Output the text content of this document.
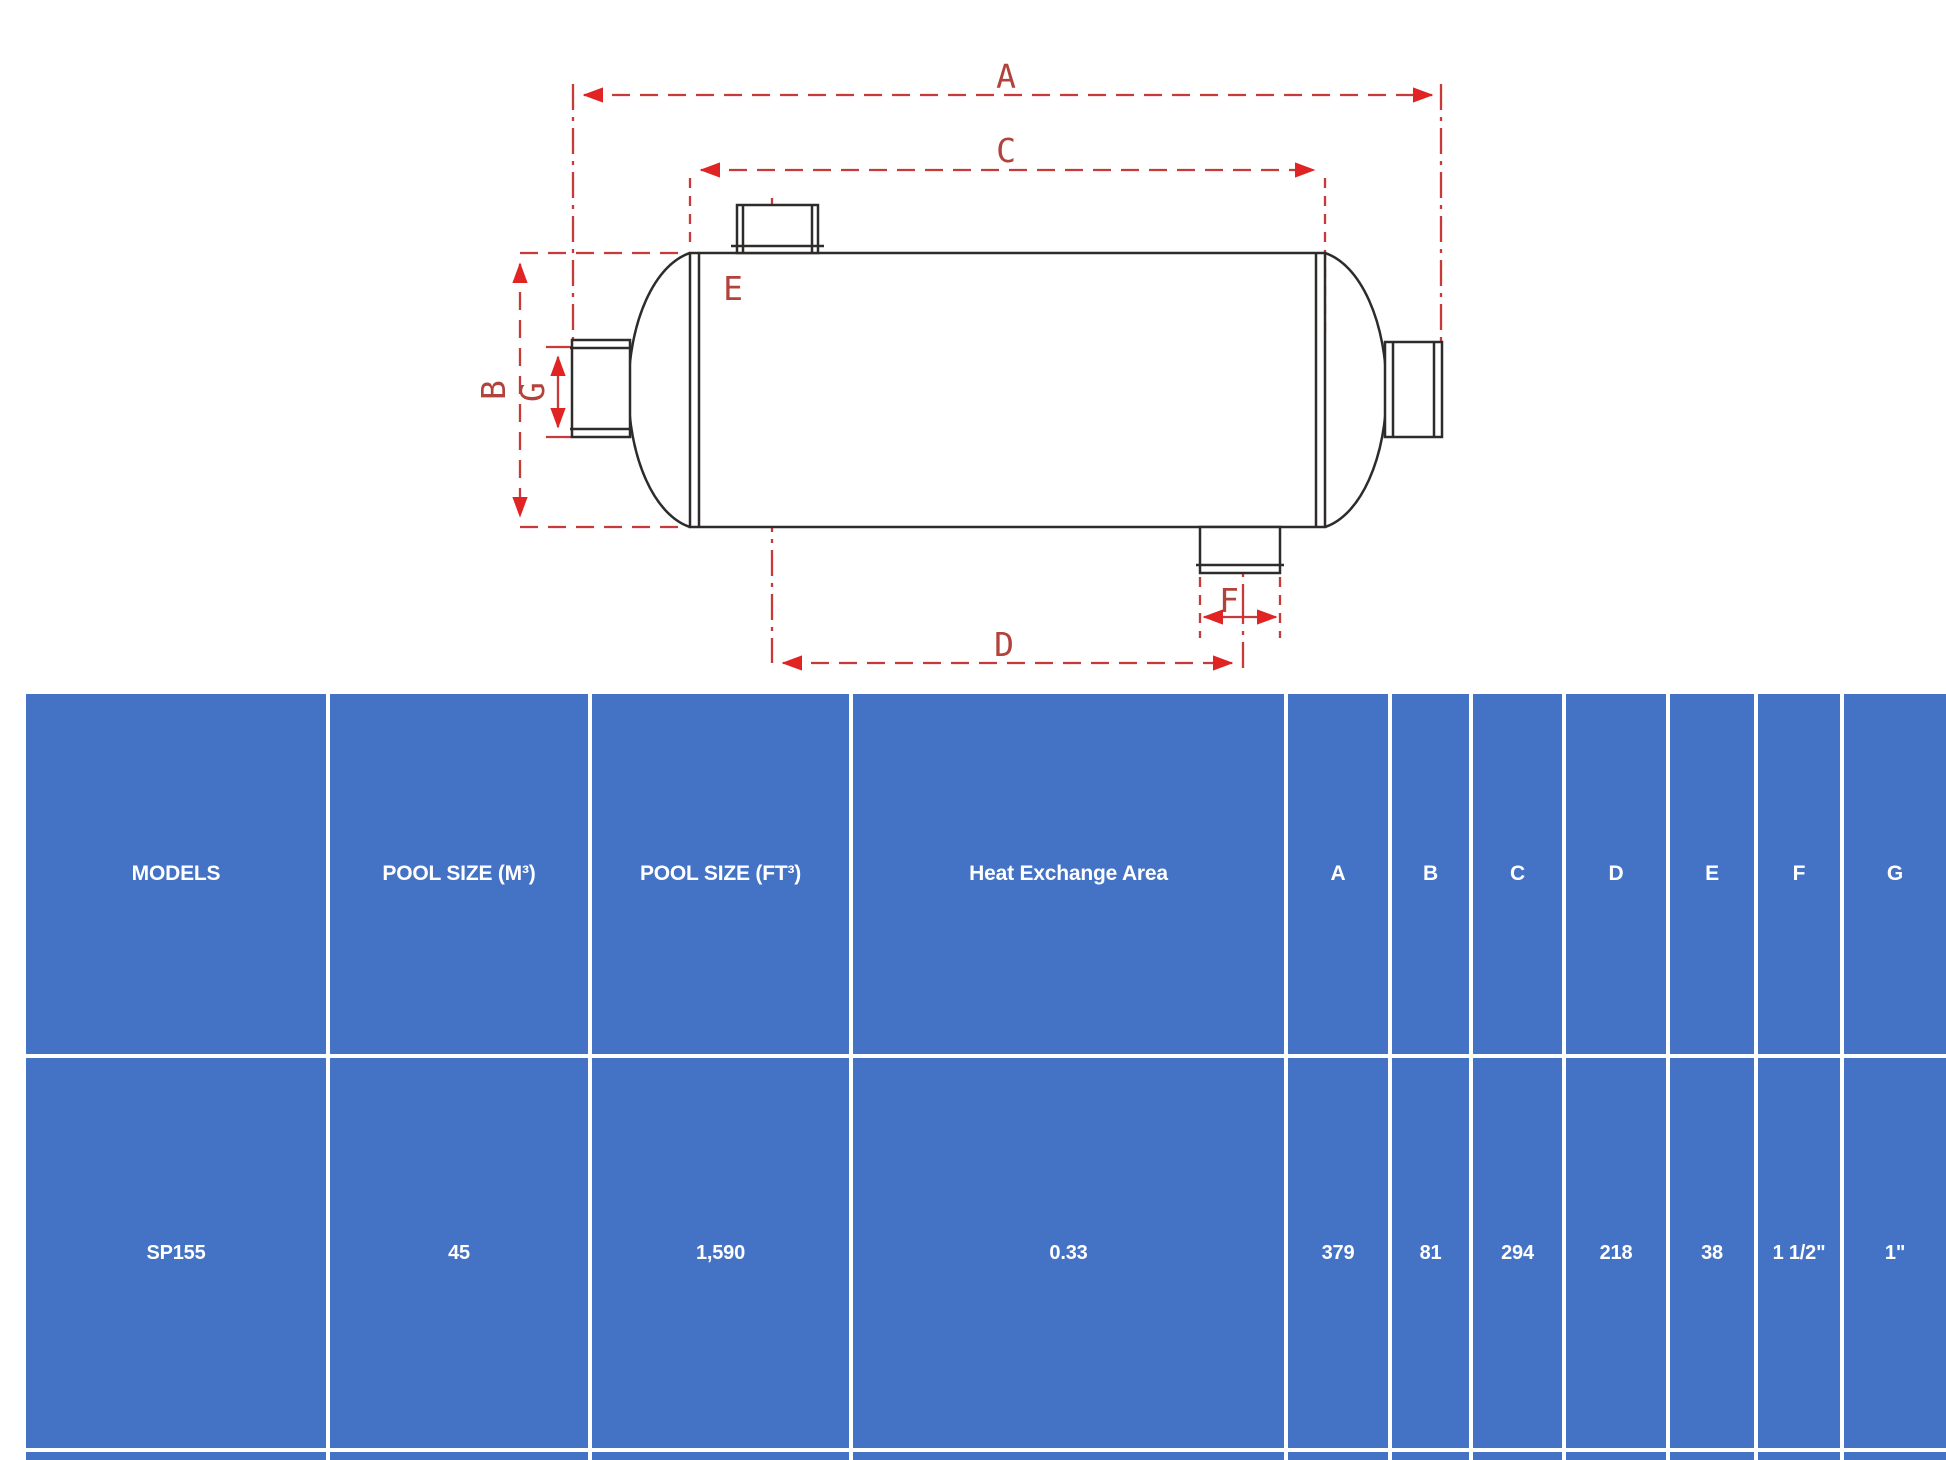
A
C
B G
E
F
D
MODELS	POOL SIZE (M³)	POOL SIZE (FT³)	Heat Exchange Area	A	B	C	D	E	F	G
SP155	45	1,590	0.33	379	81	294	218	38	1 1/2"	1"
